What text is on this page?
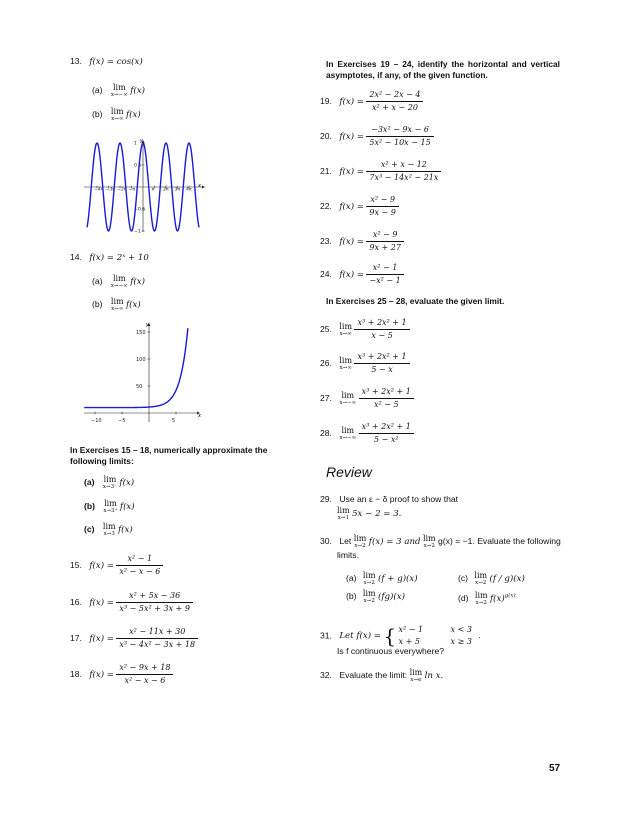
13. f(x) = cos(x)
(a) lim
x→−∞ f(x)
(b) lim
x→∞ f(x)
x
y
−4π −3π −2π −π	π 2π 3π 4π
1
0.5
−0.5
−1
14. f(x) = 2ˣ + 10
(a) lim
x→−∞ f(x)
(b) lim
x→∞ f(x)
x
y
−10	−5	5
150
100
50
In Exercises 15 – 18, numerically approximate the following limits:
(a) lim
x→3⁻ f(x)
(b) lim
x→3⁺ f(x)
(c) lim
x→3 f(x)
15. $f(x) = \frac{\text{x² − 1}}{\text{x² − x − 6}}$
16. $f(x) = \frac{\text{x² + 5x − 36}}{\text{x³ − 5x² + 3x + 9}}$
17. $f(x) = \frac{\text{x² − 11x + 30}}{\text{x³ − 4x² − 3x + 18}}$
18. $f(x) = \frac{\text{x² − 9x + 18}}{\text{x² − x − 6}}$
In Exercises 19 – 24, identify the horizontal and vertical asymptotes, if any, of the given function.
19. $f(x) = \frac{\text{2x² − 2x − 4}}{\text{x² + x − 20}}$
20. $f(x) = \frac{\text{−3x² − 9x − 6}}{\text{5x² − 10x − 15}}$
21. $f(x) = \frac{\text{x² + x − 12}}{\text{7x³ − 14x² − 21x}}$
22. $f(x) = \frac{\text{x² − 9}}{9x - 9}$
23. $f(x) = \frac{\text{x² − 9}}{9x + 27}$
24. $f(x) = \frac{\text{x² − 1}}{\text{−x² − 1}}$
In Exercises 25 – 28, evaluate the given limit.
25. lim
x→∞
$\frac{\text{x³ + 2x² + 1}}{x - 5}$
26. lim
x→∞
$\frac{\text{x³ + 2x² + 1}}{5 - x}$
27. lim
x→−∞
$\frac{\text{x³ + 2x² + 1}}{\text{x² − 5}}$
28. lim
x→−∞
$\frac{\text{x³ + 2x² + 1}}{\text{5 − x²}}$
Review
29. Use an ε − δ proof to show that
lim
x→1 5x − 2 = 3.
30. Let lim
x→2 f(x) = 3 and lim
x→2
g(x) = −1. Evaluate the following
limits.
(a) lim
x→2 (f + g)(x)
(b) lim
x→2 (fg)(x)
(c) lim
x→2 (f / g)(x)
(d) lim
x→2 $f(x)^{g(x)}$
31. Let f(x) = { x² − 1	x < 3
x + 5	x ≥ 3
.
Is f continuous everywhere?
32. Evaluate the limit: lim
x→e ln x.
57
